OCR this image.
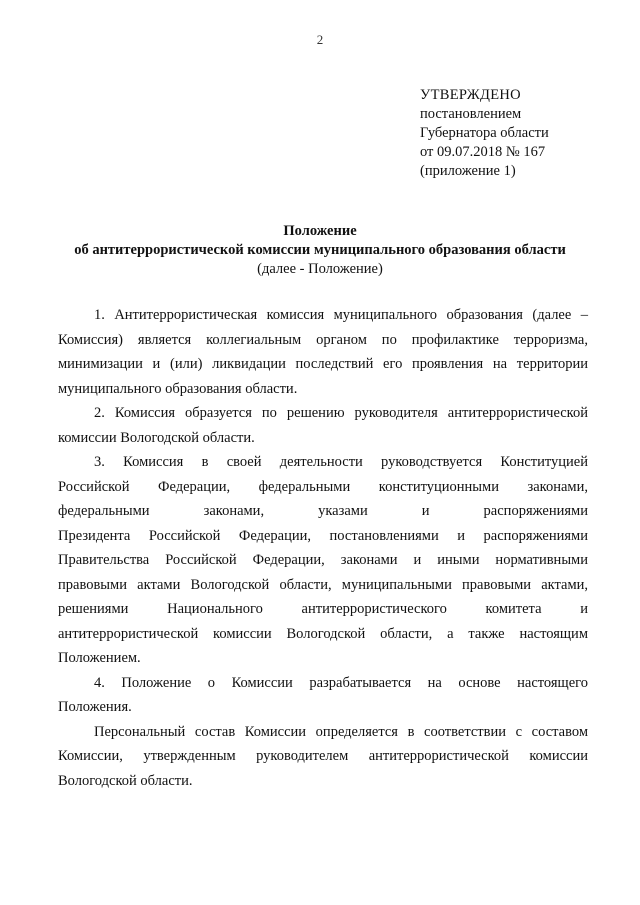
2
УТВЕРЖДЕНО
постановлением
Губернатора области
от 09.07.2018 № 167
(приложение 1)
Положение
об антитеррористической комиссии муниципального образования области
(далее - Положение)
1. Антитеррористическая комиссия муниципального образования (далее –
Комиссия) является коллегиальным органом по профилактике терроризма,
минимизации и (или) ликвидации последствий его проявления на территории
муниципального образования области.
2. Комиссия образуется по решению руководителя антитеррористической
комиссии Вологодской области.
3. Комиссия в своей деятельности руководствуется Конституцией
Российской Федерации, федеральными конституционными законами,
федеральными законами, указами и распоряжениями
Президента Российской Федерации, постановлениями и распоряжениями
Правительства Российской Федерации, законами и иными нормативными
правовыми актами Вологодской области, муниципальными правовыми актами,
решениями Национального антитеррористического комитета и
антитеррористической комиссии Вологодской области, а также настоящим
Положением.
4. Положение о Комиссии разрабатывается на основе настоящего
Положения.
Персональный состав Комиссии определяется в соответствии с составом
Комиссии, утвержденным руководителем антитеррористической комиссии
Вологодской области.
